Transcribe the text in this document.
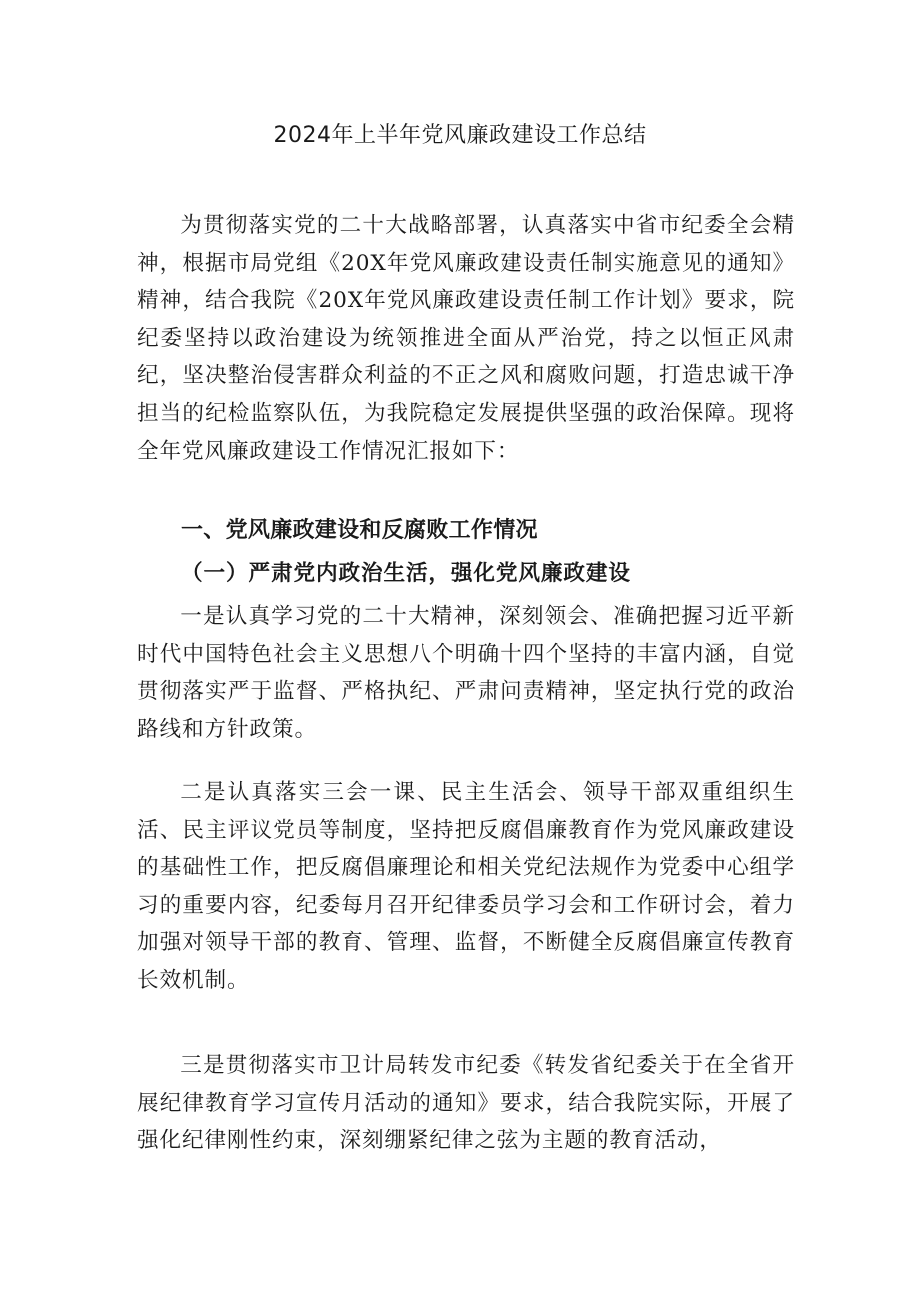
2024年上半年党风廉政建设工作总结

为贯彻落实党的二十大战略部署，认真落实中省市纪委全会精神，根据市局党组《20X年党风廉政建设责任制实施意见的通知》精神，结合我院《20X年党风廉政建设责任制工作计划》要求，院纪委坚持以政治建设为统领推进全面从严治党，持之以恒正风肃纪，坚决整治侵害群众利益的不正之风和腐败问题，打造忠诚干净担当的纪检监察队伍，为我院稳定发展提供坚强的政治保障。现将全年党风廉政建设工作情况汇报如下：

一、党风廉政建设和反腐败工作情况
（一）严肃党内政治生活，强化党风廉政建设

一是认真学习党的二十大精神，深刻领会、准确把握习近平新时代中国特色社会主义思想八个明确十四个坚持的丰富内涵，自觉贯彻落实严于监督、严格执纪、严肃问责精神，坚定执行党的政治路线和方针政策。

二是认真落实三会一课、民主生活会、领导干部双重组织生活、民主评议党员等制度，坚持把反腐倡廉教育作为党风廉政建设的基础性工作，把反腐倡廉理论和相关党纪法规作为党委中心组学习的重要内容，纪委每月召开纪律委员学习会和工作研讨会，着力加强对领导干部的教育、管理、监督，不断健全反腐倡廉宣传教育长效机制。

三是贯彻落实市卫计局转发市纪委《转发省纪委关于在全省开展纪律教育学习宣传月活动的通知》要求，结合我院实际，开展了强化纪律刚性约束，深刻绷紧纪律之弦为主题的教育活动，
